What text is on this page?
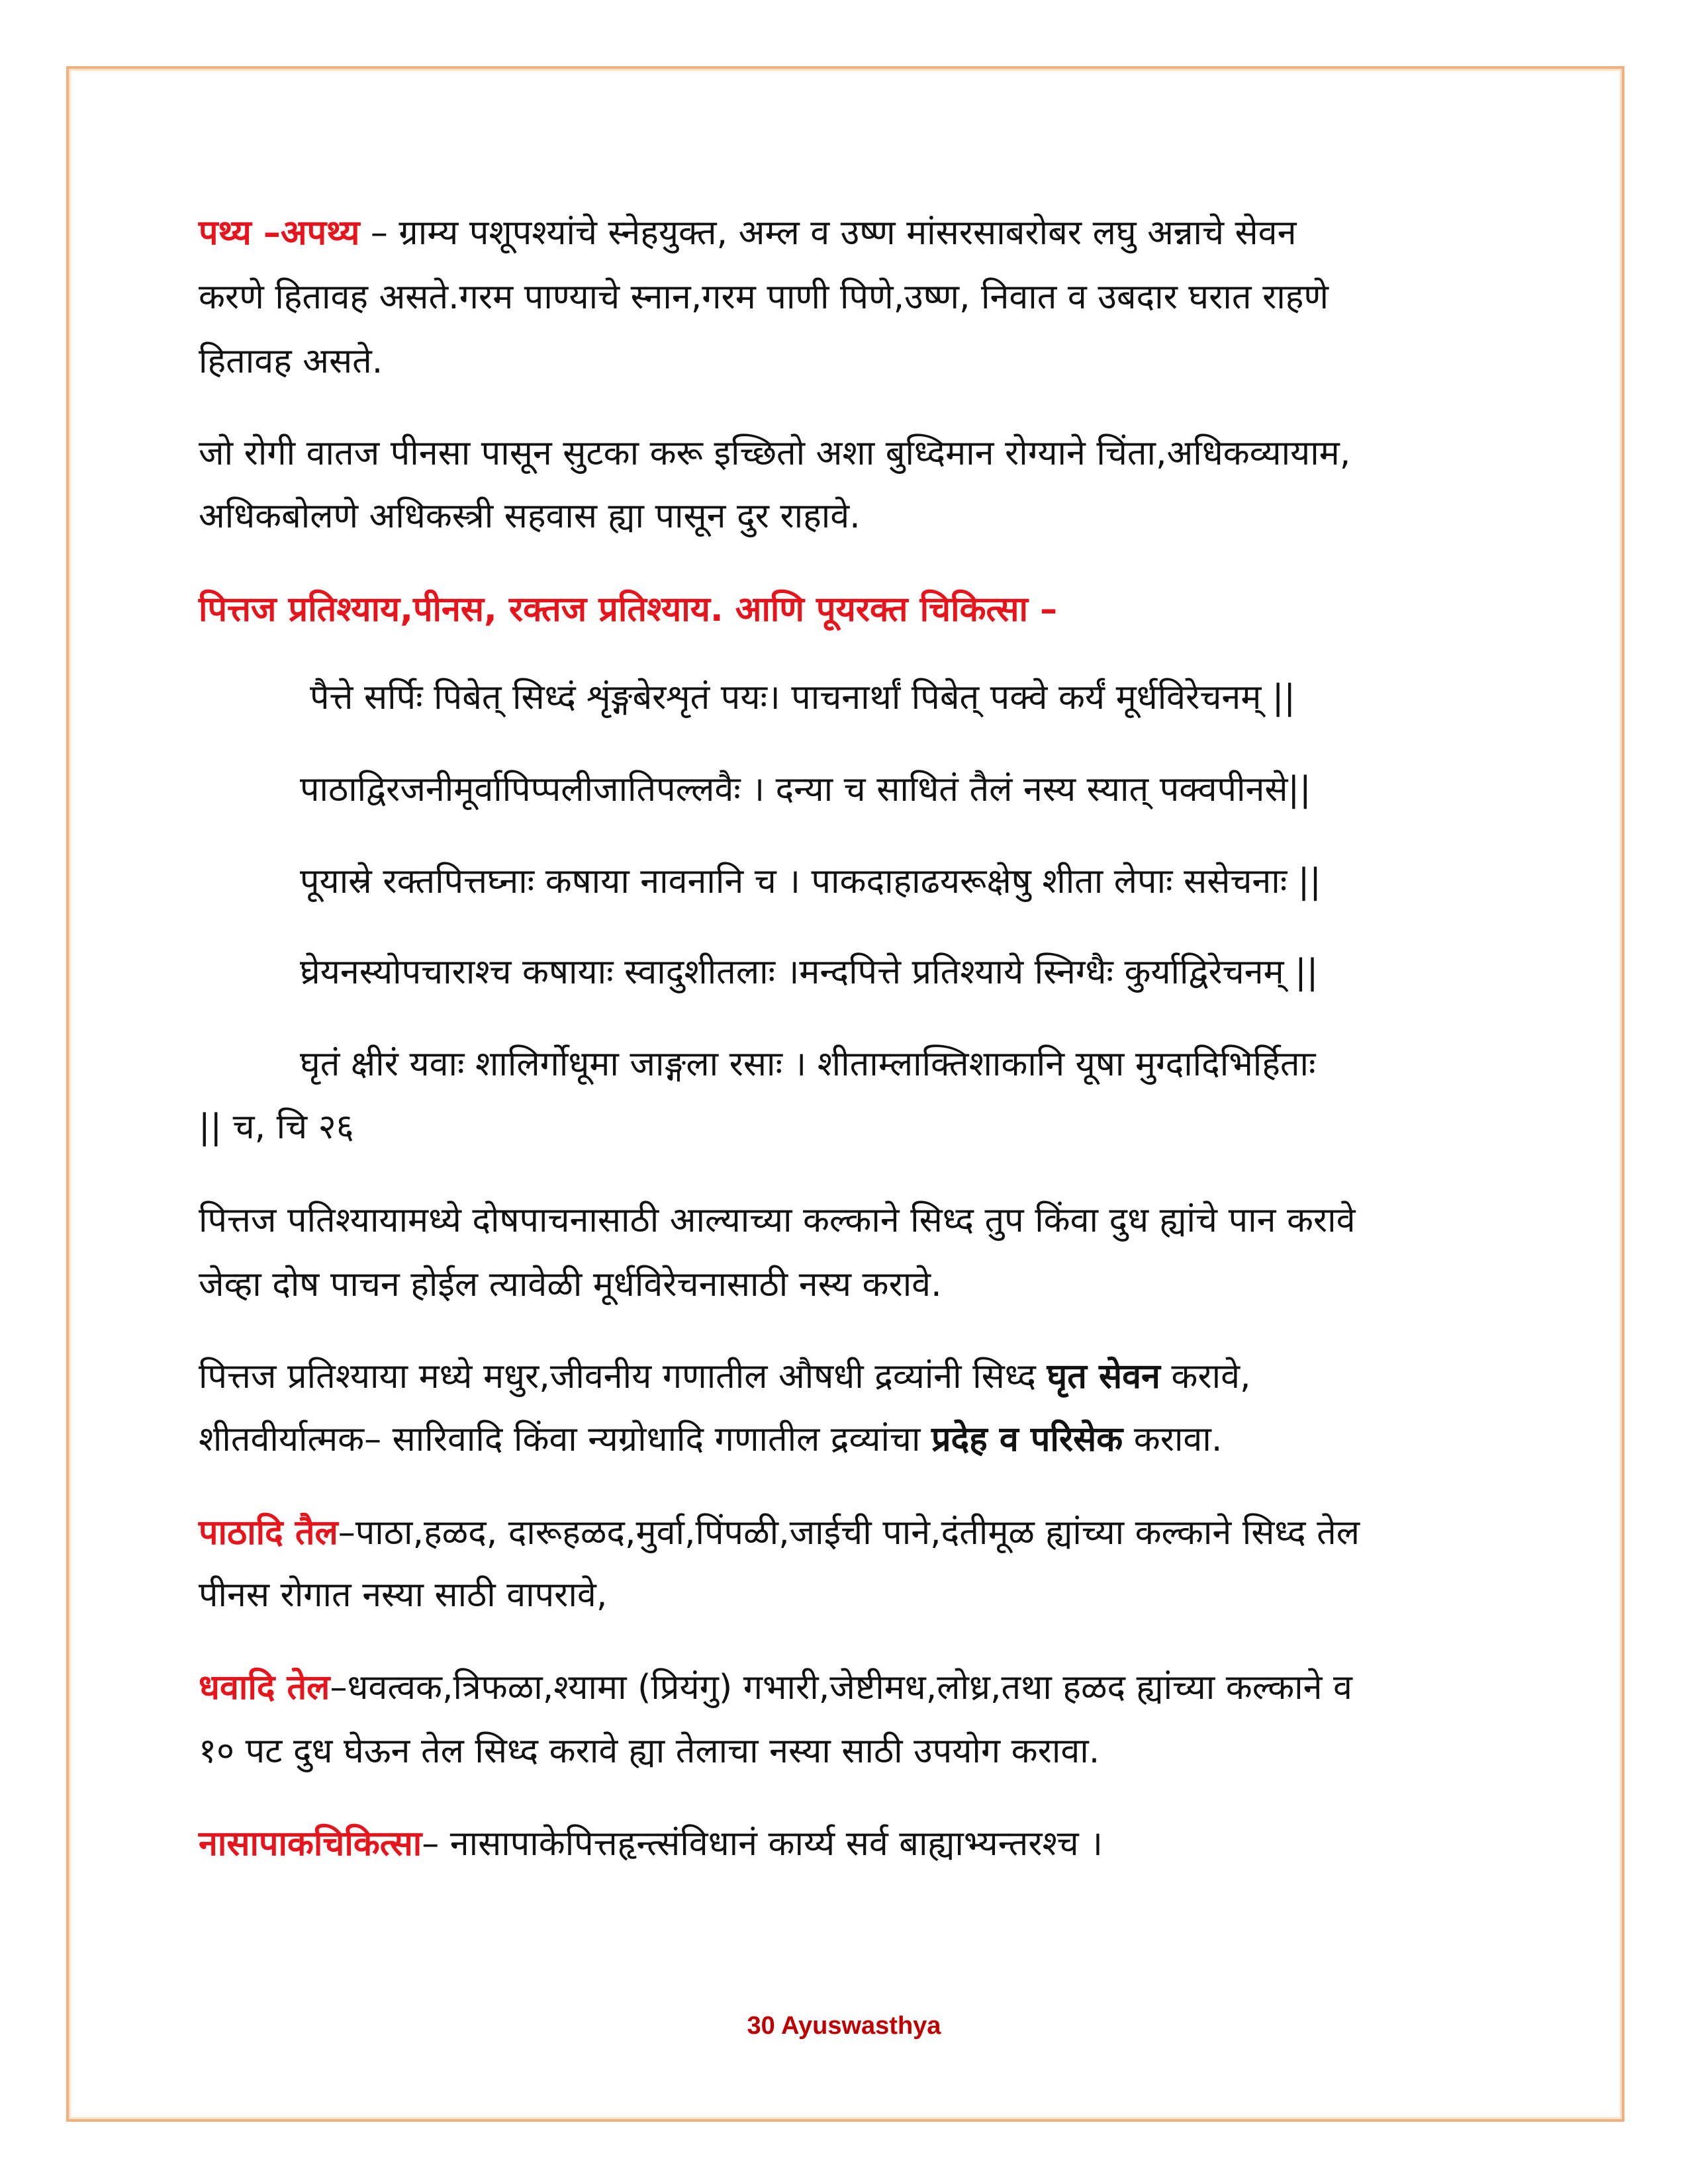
पथ्य –अपथ्य – ग्राम्य पशूपश्यांचे स्नेहयुक्त, अम्ल व उष्ण मांसरसाबरोबर लघु अन्नाचे सेवन
करणे हितावह असते.गरम पाण्याचे स्नान,गरम पाणी पिणे,उष्ण, निवात व उबदार घरात राहणे
हितावह असते.
जो रोगी वातज पीनसा पासून सुटका करू इच्छितो अशा बुध्दिमान रोग्याने चिंता,अधिकव्यायाम,
अधिकबोलणे अधिकस्त्री सहवास ह्या पासून दुर राहावे.
पित्तज प्रतिश्याय,पीनस, रक्तज प्रतिश्याय. आणि पूयरक्त चिकित्सा –
पैत्ते सर्पिः पिबेत् सिध्दं शृंङ्गबेरशृतं पयः। पाचनार्थां पिबेत् पक्वे कर्यं मूर्धविरेचनम् ||
पाठाद्विरजनीमूर्वापिप्पलीजातिपल्लवैः । दन्या च साधितं तैलं नस्य स्यात् पक्वपीनसे||
पूयास्रे रक्तपित्तघ्नाः कषाया नावनानि च । पाकदाहाढयरूक्षेषु शीता लेपाः ससेचनाः ||
घ्रेयनस्योपचाराश्च कषायाः स्वादुशीतलाः ।मन्दपित्ते प्रतिश्याये स्निग्धैः कुर्याद्विरेचनम् ||
घृतं क्षीरं यवाः शालिर्गोधूमा जाङ्गला रसाः । शीताम्लाक्तिशाकानि यूषा मुग्दादिभिर्हिताः
|| च, चि २६
पित्तज पतिश्यायामध्ये दोषपाचनासाठी आल्याच्या कल्काने सिध्द तुप किंवा दुध ह्यांचे पान करावे
जेव्हा दोष पाचन होईल त्यावेळी मूर्धविरेचनासाठी नस्य करावे.
पित्तज प्रतिश्याया मध्ये मधुर,जीवनीय गणातील औषधी द्रव्यांनी सिध्द घृत सेवन करावे,
शीतवीर्यात्मक– सारिवादि किंवा न्यग्रोधादि गणातील द्रव्यांचा प्रदेह व परिसेक करावा.
पाठादि तैल–पाठा,हळद, दारूहळद,मुर्वा,पिंपळी,जाईची पाने,दंतीमूळ ह्यांच्या कल्काने सिध्द तेल
पीनस रोगात नस्या साठी वापरावे,
धवादि तेल–धवत्वक,त्रिफळा,श्यामा (प्रियंगु) गभारी,जेष्टीमध,लोध्र,तथा हळद ह्यांच्या कल्काने व
१० पट दुध घेऊन तेल सिध्द करावे ह्या तेलाचा नस्या साठी उपयोग करावा.
नासापाकचिकित्सा– नासापाकेपित्तहृन्त्संविधानं कार्य्य सर्व बाह्याभ्यन्तरश्च ।
30 Ayuswasthya
